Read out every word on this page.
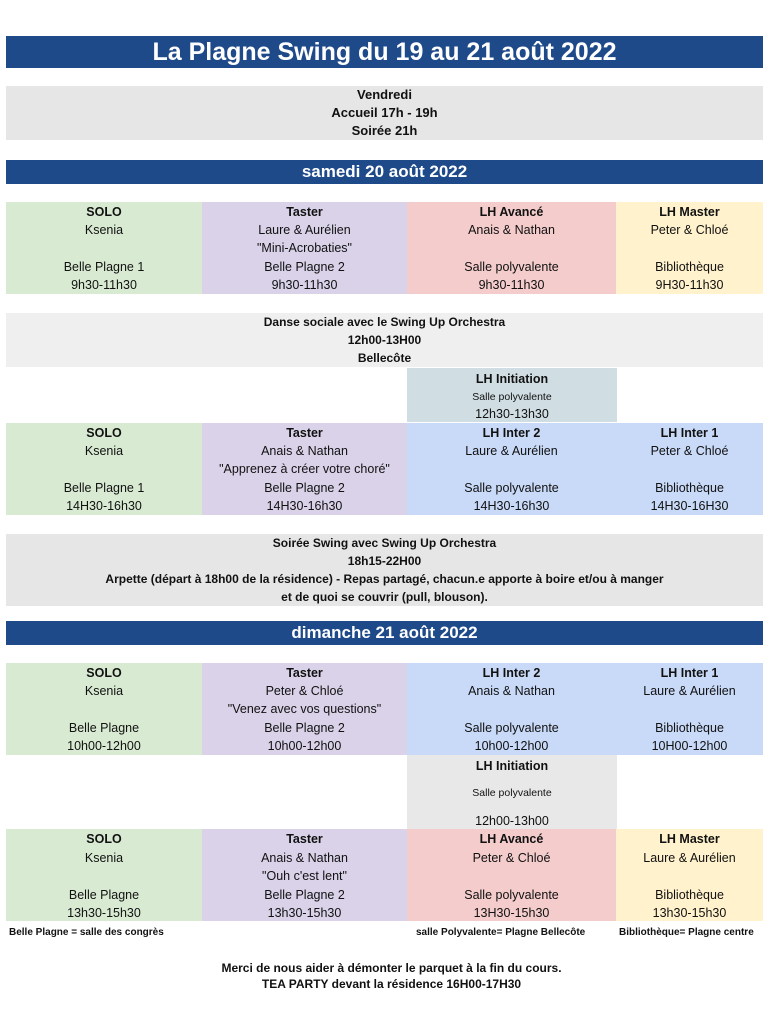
La Plagne Swing du 19 au 21 août 2022
Vendredi
Accueil 17h - 19h
Soirée 21h
samedi 20 août 2022
SOLO
Ksenia
Belle Plagne 1
9h30-11h30
Taster
Laure & Aurélien
"Mini-Acrobaties"
Belle Plagne 2
9h30-11h30
LH Avancé
Anais & Nathan
Salle polyvalente
9h30-11h30
LH Master
Peter & Chloé
Bibliothèque
9H30-11h30
Danse sociale avec le Swing Up Orchestra
12h00-13H00
Bellecôte
LH Initiation
Salle polyvalente
12h30-13h30
SOLO
Ksenia
Belle Plagne 1
14H30-16h30
Taster
Anais & Nathan
"Apprenez à créer votre choré"
Belle Plagne 2
14H30-16h30
LH Inter 2
Laure & Aurélien
Salle polyvalente
14H30-16h30
LH Inter 1
Peter & Chloé
Bibliothèque
14H30-16H30
Soirée Swing avec Swing Up Orchestra
18h15-22H00
Arpette (départ à 18h00 de la résidence) - Repas partagé, chacun.e apporte à boire et/ou à manger
et de quoi se couvrir (pull, blouson).
dimanche 21 août 2022
SOLO
Ksenia
Belle Plagne
10h00-12h00
Taster
Peter & Chloé
"Venez avec vos questions"
Belle Plagne 2
10h00-12h00
LH Inter 2
Anais & Nathan
Salle polyvalente
10h00-12h00
LH Inter 1
Laure & Aurélien
Bibliothèque
10H00-12h00
LH Initiation
Salle polyvalente
12h00-13h00
SOLO
Ksenia
Belle Plagne
13h30-15h30
Taster
Anais & Nathan
"Ouh c'est lent"
Belle Plagne 2
13h30-15h30
LH Avancé
Peter & Chloé
Salle polyvalente
13H30-15h30
LH Master
Laure & Aurélien
Bibliothèque
13h30-15h30
Belle Plagne = salle des congrès	salle Polyvalente= Plagne Bellecôte	Bibliothèque= Plagne centre
Merci de nous aider à démonter le parquet à la fin du cours.
TEA PARTY devant la résidence 16H00-17H30
